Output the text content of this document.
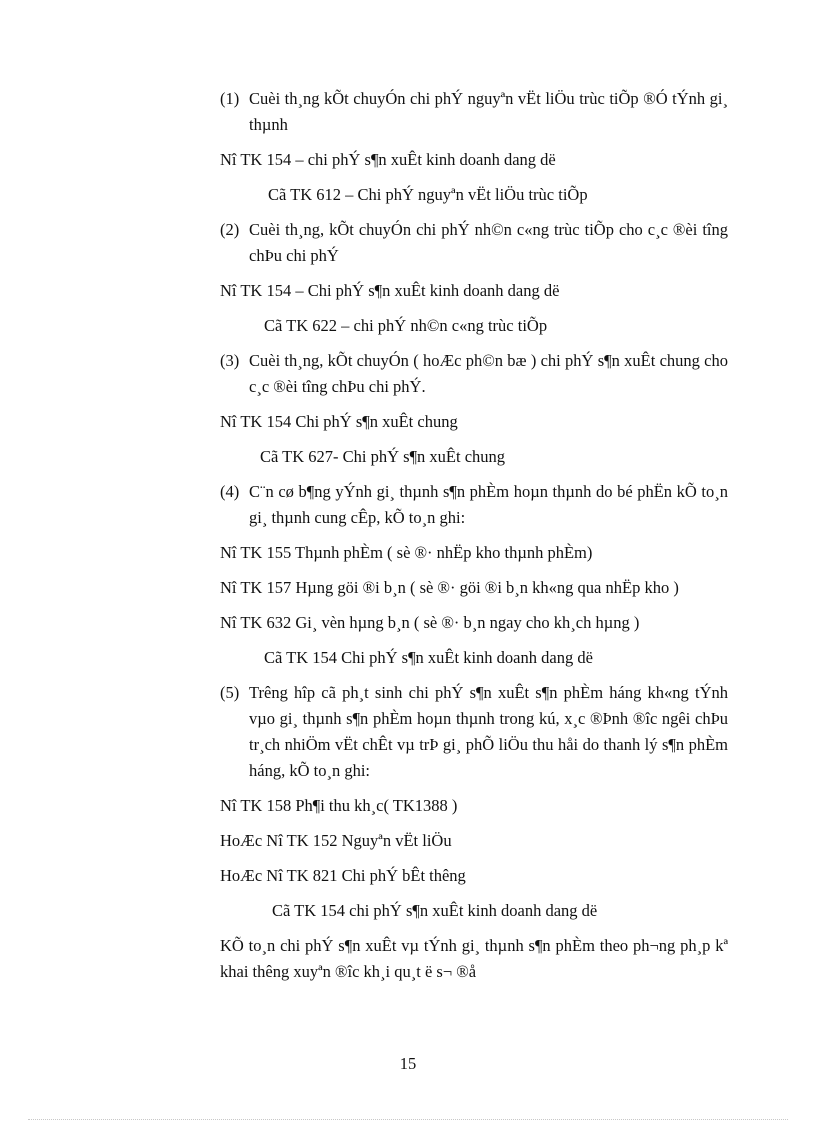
(1) Cuèi th¸ng kÕt chuyÓn chi phÝ nguyªn vËt liÖu trùc tiÕp ®Ó tÝnh gi¸ thµnh

Nî TK 154 – chi phÝ s¶n xuÊt kinh doanh dang dë

Cã TK 612 – Chi phÝ nguyªn vËt liÖu trùc tiÕp

(2) Cuèi th¸ng, kÕt chuyÓn chi phÝ nh©n c«ng trùc tiÕp cho c¸c ®èi tîng chÞu chi phÝ

Nî TK 154 – Chi phÝ s¶n xuÊt kinh doanh dang dë

Cã TK 622 – chi phÝ nh©n c«ng trùc tiÕp

(3) Cuèi th¸ng, kÕt chuyÓn ( hoÆc ph©n bæ ) chi phÝ s¶n xuÊt chung cho c¸c ®èi tîng chÞu chi phÝ.

Nî TK 154 Chi phÝ s¶n xuÊt chung

Cã TK 627- Chi phÝ s¶n xuÊt chung

(4) C¨n cø b¶ng yÝnh gi¸ thµnh s¶n phÈm hoµn thµnh do bé phËn kÕ to¸n gi¸ thµnh cung cÊp, kÕ to¸n ghi:

Nî TK 155 Thµnh phÈm ( sè ®· nhËp kho thµnh phÈm)

Nî TK 157 Hµng göi ®i b¸n ( sè ®· göi ®i b¸n kh«ng qua nhËp kho )

Nî TK 632 Gi¸ vèn hµng b¸n ( sè ®· b¸n ngay cho kh¸ch hµng )

Cã TK 154 Chi phÝ s¶n xuÊt kinh doanh dang dë

(5) Trêng hîp cã ph¸t sinh chi phÝ s¶n xuÊt s¶n phÈm háng kh«ng tÝnh vµo gi¸ thµnh s¶n phÈm hoµn thµnh trong kú, x¸c ®Þnh ®îc ngêi chÞu tr¸ch nhiÖm vËt chÊt vµ trÞ gi¸ phÕ liÖu thu håi do thanh lý s¶n phÈm háng, kÕ to¸n ghi:

Nî TK 158 Ph¶i thu kh¸c( TK1388 )

HoÆc Nî TK 152 Nguyªn vËt liÖu

HoÆc Nî TK 821 Chi phÝ bÊt thêng

Cã TK 154 chi phÝ s¶n xuÊt kinh doanh dang dë

KÕ to¸n chi phÝ s¶n xuÊt vµ tÝnh gi¸ thµnh s¶n phÈm theo ph¬ng ph¸p kª khai thêng xuyªn ®îc kh¸i qu¸t ë s¬ ®å

15
